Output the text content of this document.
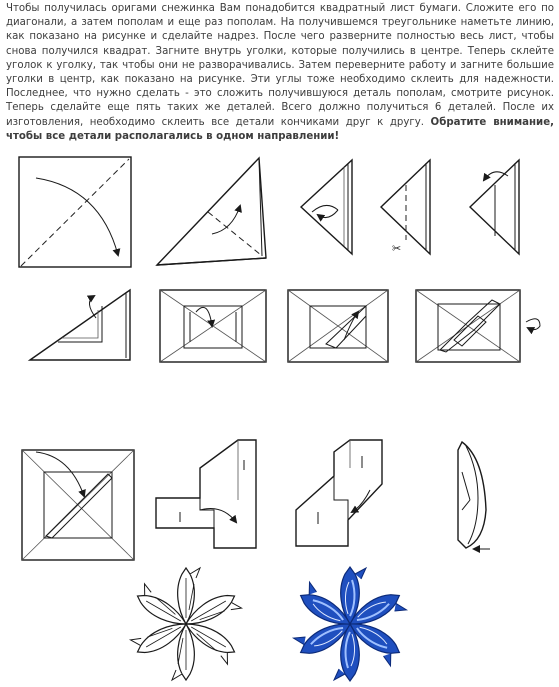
Чтобы получилась оригами снежинка Вам понадобится квадратный лист бумаги. Сложите его по диагонали, а затем пополам и еще раз пополам. На получившемся треугольнике наметьте линию, как показано на рисунке и сделайте надрез. После чего разверните полностью весь лист, чтобы снова получился квадрат. Загните внутрь уголки, которые получились в центре. Теперь склейте уголок к уголку, так чтобы они не разворачивались. Затем переверните работу и загните большие уголки в центр, как показано на рисунке. Эти углы тоже необходимо склеить для надежности. Последнее, что нужно сделать - это сложить получившуюся деталь пополам, смотрите рисунок. Теперь сделайте еще пять таких же деталей. Всего должно получиться 6 деталей. После их изготовления, необходимо склеить все детали кончиками друг к другу. Обратите внимание, чтобы все детали располагались в одном направлении!

✂
